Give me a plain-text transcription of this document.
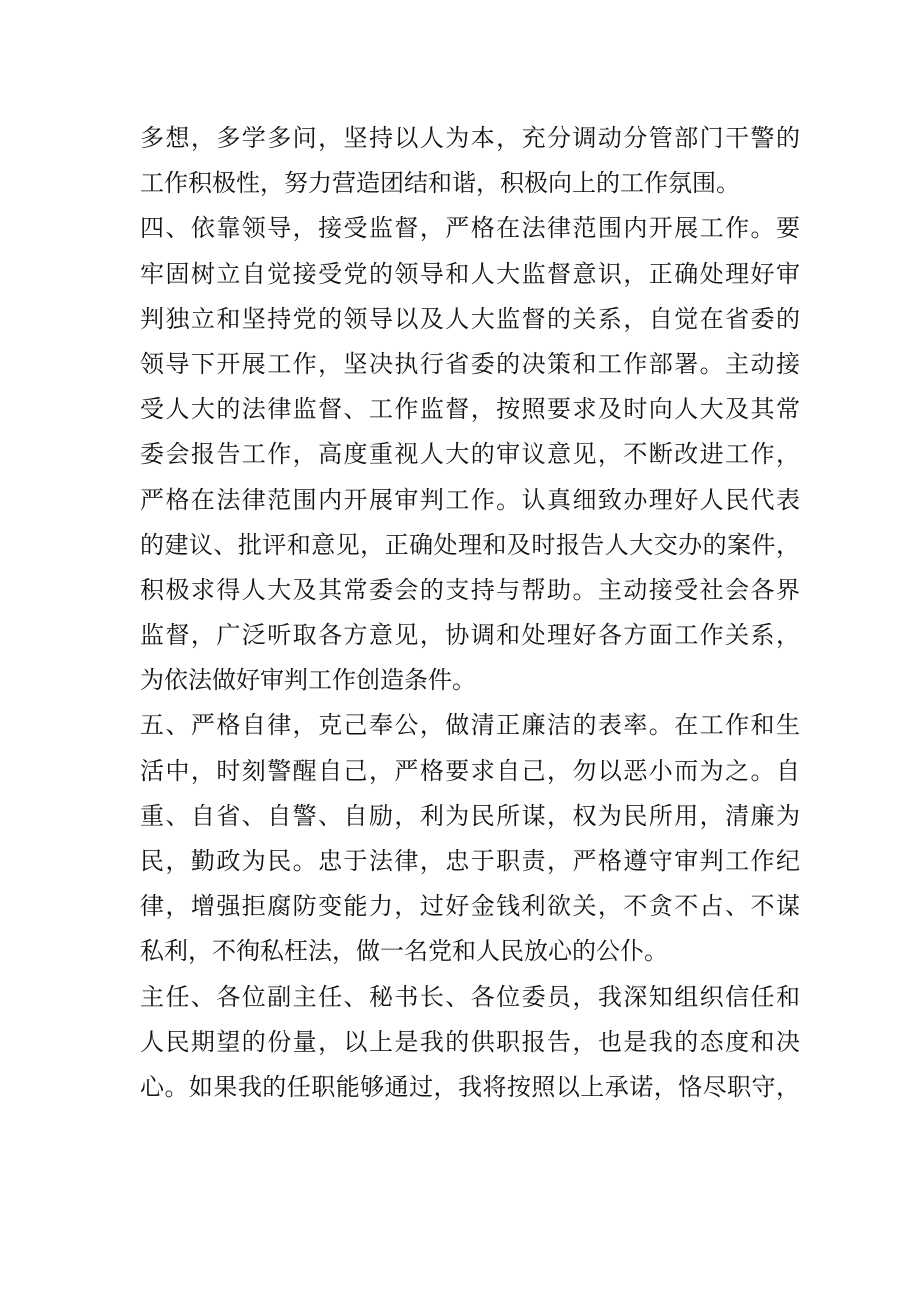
多想，多学多问，坚持以人为本，充分调动分管部门干警的
工作积极性，努力营造团结和谐，积极向上的工作氛围。
四、依靠领导，接受监督，严格在法律范围内开展工作。要
牢固树立自觉接受党的领导和人大监督意识，正确处理好审
判独立和坚持党的领导以及人大监督的关系，自觉在省委的
领导下开展工作，坚决执行省委的决策和工作部署。主动接
受人大的法律监督、工作监督，按照要求及时向人大及其常
委会报告工作，高度重视人大的审议意见，不断改进工作，
严格在法律范围内开展审判工作。认真细致办理好人民代表
的建议、批评和意见，正确处理和及时报告人大交办的案件，
积极求得人大及其常委会的支持与帮助。主动接受社会各界
监督，广泛听取各方意见，协调和处理好各方面工作关系，
为依法做好审判工作创造条件。
五、严格自律，克己奉公，做清正廉洁的表率。在工作和生
活中，时刻警醒自己，严格要求自己，勿以恶小而为之。自
重、自省、自警、自励，利为民所谋，权为民所用，清廉为
民，勤政为民。忠于法律，忠于职责，严格遵守审判工作纪
律，增强拒腐防变能力，过好金钱利欲关，不贪不占、不谋
私利，不徇私枉法，做一名党和人民放心的公仆。
主任、各位副主任、秘书长、各位委员，我深知组织信任和
人民期望的份量，以上是我的供职报告，也是我的态度和决
心。如果我的任职能够通过，我将按照以上承诺，恪尽职守，
